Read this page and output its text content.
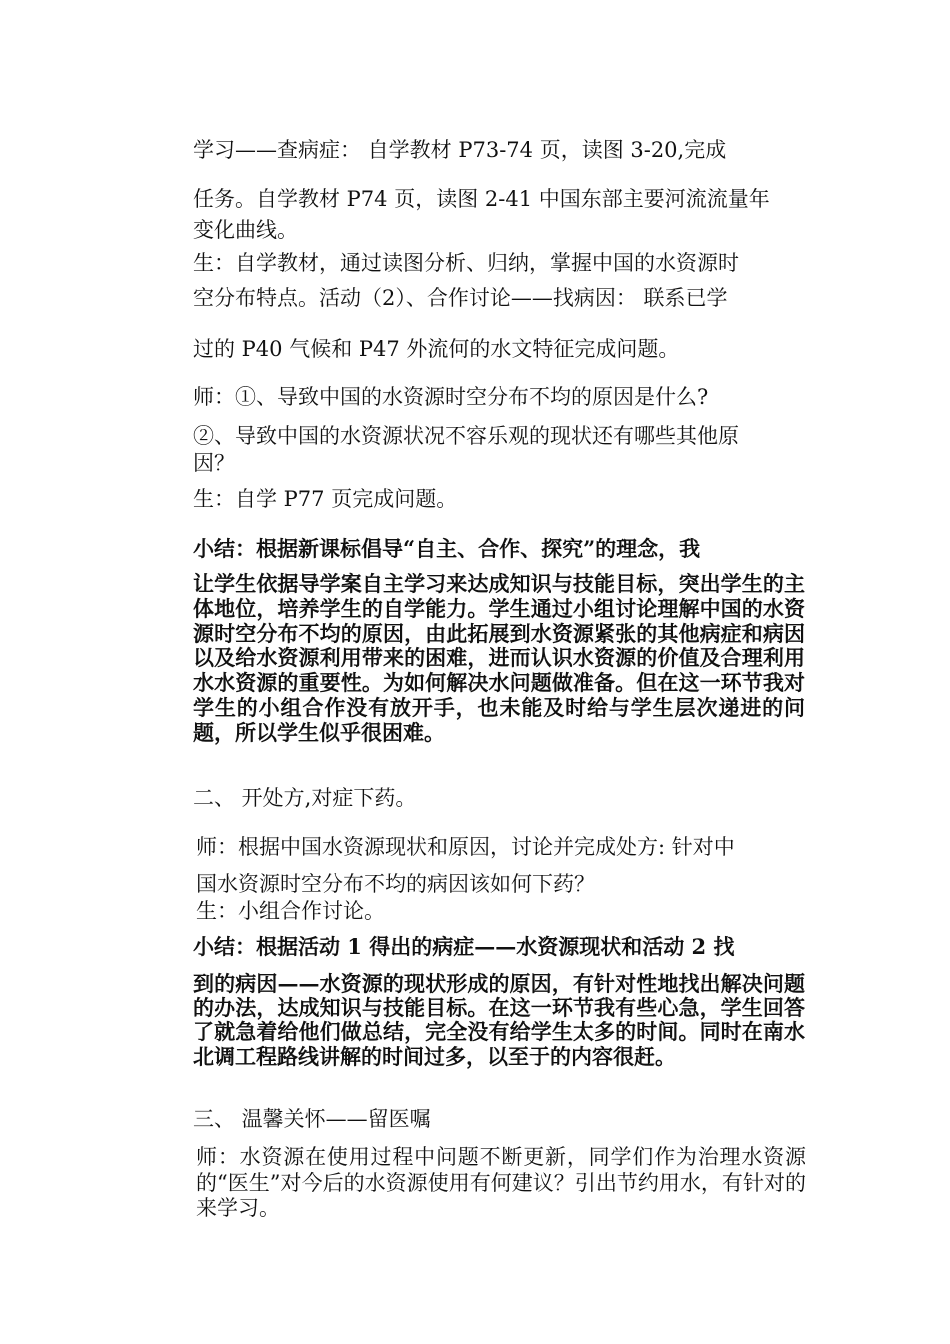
学习——查病症： 自学教材 P73-74 页，读图 3-20,完成
任务。自学教材 P74 页，读图 2-41 中国东部主要河流流量年
变化曲线。
生：自学教材，通过读图分析、归纳，掌握中国的水资源时
空分布特点。活动（2）、合作讨论——找病因： 联系已学
过的 P40 气候和 P47 外流何的水文特征完成问题。
师：①、导致中国的水资源时空分布不均的原因是什么?
②、导致中国的水资源状况不容乐观的现状还有哪些其他原
因？
生：自学 P77 页完成问题。
小结：根据新课标倡导“自主、合作、探究”的理念，我
让学生依据导学案自主学习来达成知识与技能目标，突出学生的主体地位，培养学生的自学能力。学生通过小组讨论理解中国的水资源时空分布不均的原因，由此拓展到水资源紧张的其他病症和病因以及给水资源利用带来的困难，进而认识水资源的价值及合理利用水水资源的重要性。为如何解决水问题做准备。但在这一环节我对学生的小组合作没有放开手，也未能及时给与学生层次递进的问题，所以学生似乎很困难。
二、 开处方,对症下药。
师：根据中国水资源现状和原因，讨论并完成处方: 针对中
国水资源时空分布不均的病因该如何下药？
生：小组合作讨论。
小结：根据活动 1 得出的病症——水资源现状和活动 2 找
到的病因——水资源的现状形成的原因，有针对性地找出解决问题的办法，达成知识与技能目标。在这一环节我有些心急，学生回答了就急着给他们做总结，完全没有给学生太多的时间。同时在南水北调工程路线讲解的时间过多，以至于的内容很赶。
三、 温馨关怀——留医嘱
师：水资源在使用过程中问题不断更新，同学们作为治理水资源的“医生”对今后的水资源使用有何建议？引出节约用水，有针对的来学习。
